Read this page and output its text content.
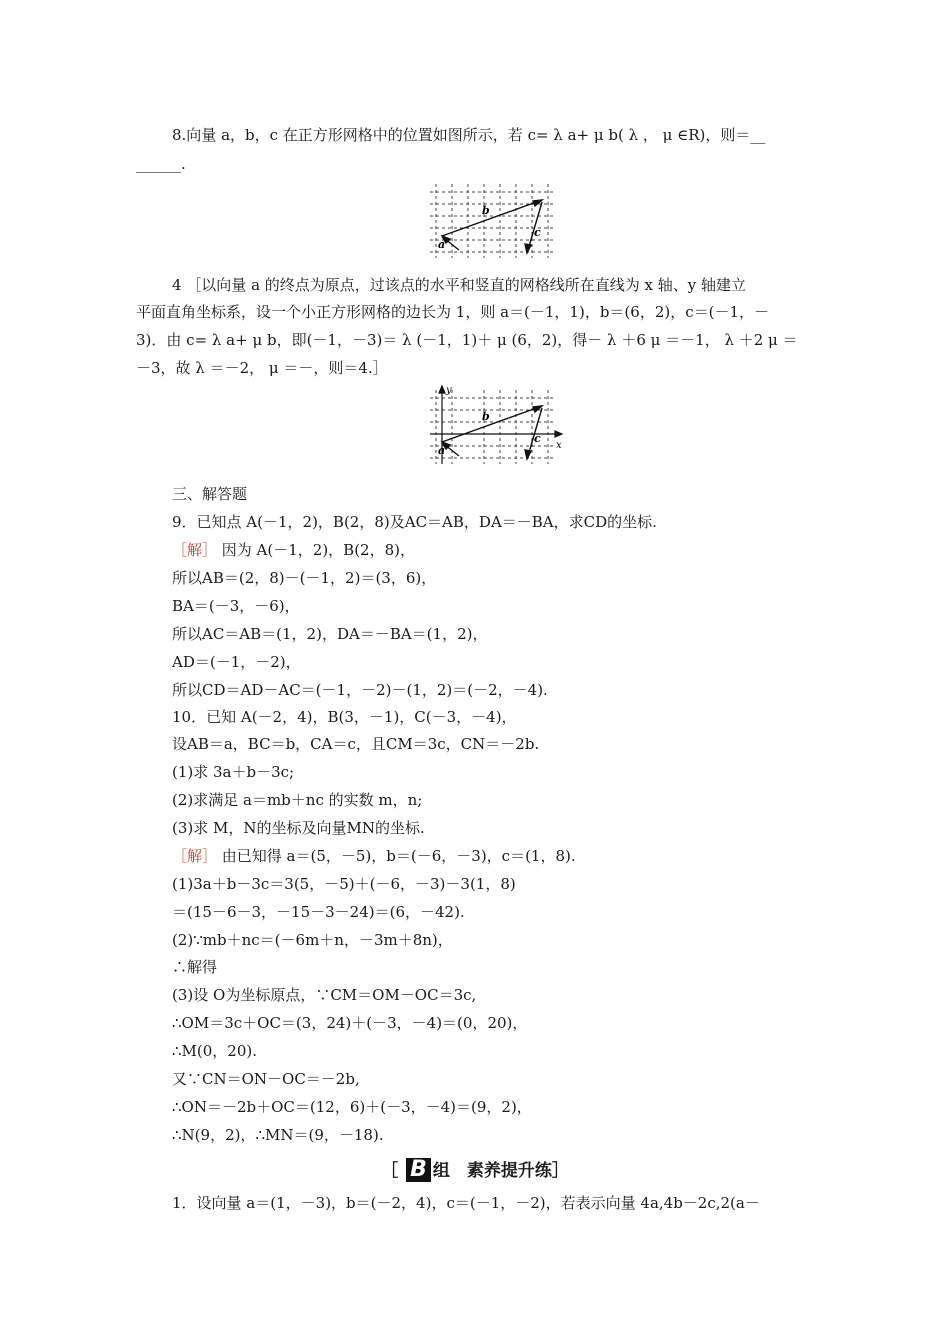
8.向量 a，b，c 在正方形网格中的位置如图所示，若 c= λ a+ μ b( λ ， μ ∈R)，则＝__
______.
b
a
c
4 ［以向量 a 的终点为原点，过该点的水平和竖直的网格线所在直线为 x 轴、y 轴建立
平面直角坐标系，设一个小正方形网格的边长为 1，则 a＝(－1，1)，b＝(6，2)，c＝(－1，－
3)．由 c= λ a+ μ b，即(－1，－3)＝ λ (－1，1)＋ μ (6，2)，得－ λ ＋6 μ ＝－1， λ ＋2 μ ＝
－3，故 λ ＝－2， μ ＝－，则＝4.］
y
x
b
a
c
三、解答题
9．已知点 A(－1，2)，B(2，8)及AC＝AB，DA＝－BA，求CD的坐标.
［解］ 因为 A(－1，2)，B(2，8)，
所以AB＝(2，8)－(－1，2)＝(3，6)，
BA＝(－3，－6)，
所以AC＝AB＝(1，2)，DA＝－BA＝(1，2)，
AD＝(－1，－2)，
所以CD＝AD－AC＝(－1，－2)－(1，2)＝(－2，－4).
10．已知 A(－2，4)，B(3，－1)，C(－3，－4)，
设AB＝a，BC＝b，CA＝c，且CM＝3c，CN＝－2b.
(1)求 3a＋b－3c;
(2)求满足 a＝mb＋nc 的实数 m，n;
(3)求 M，N的坐标及向量MN的坐标.
［解］ 由已知得 a＝(5，－5)，b＝(－6，－3)，c＝(1，8).
(1)3a＋b－3c＝3(5，－5)＋(－6，－3)－3(1，8)
＝(15－6－3，－15－3－24)＝(6，－42).
(2)∵mb＋nc＝(－6m＋n，－3m＋8n)，
∴解得
(3)设 O为坐标原点，∵CM＝OM－OC＝3c,
∴OM＝3c＋OC＝(3，24)＋(－3，－4)＝(0，20)，
∴M(0，20).
又∵CN＝ON－OC＝－2b,
∴ON＝－2b＋OC＝(12，6)＋(－3，－4)＝(9，2)，
∴N(9，2)，∴MN＝(9，－18).
［ B 组　素养提升练］
1．设向量 a＝(1，－3)，b＝(－2，4)，c＝(－1，－2)，若表示向量 4a,4b－2c,2(a－
